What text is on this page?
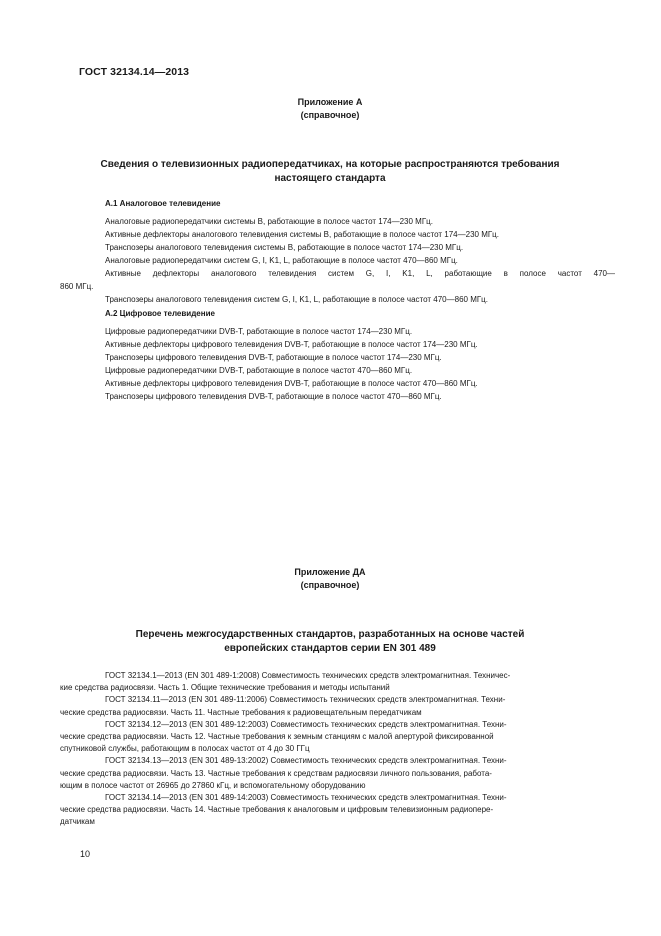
ГОСТ 32134.14—2013
Приложение А
(справочное)
Сведения о телевизионных радиопередатчиках, на которые распространяются требования
настоящего стандарта
А.1 Аналоговое телевидение
Аналоговые радиопередатчики системы B, работающие в полосе частот 174—230 МГц.
Активные дефлекторы аналогового телевидения системы B, работающие в полосе частот 174—230 МГц.
Транспозеры аналогового телевидения системы B, работающие в полосе частот 174—230 МГц.
Аналоговые радиопередатчики систем G, I, K1, L, работающие в полосе частот 470—860 МГц.
Активные дефлекторы аналогового телевидения систем G, I, K1, L, работающие в полосе частот 470—
860 МГц.
Транспозеры аналогового телевидения систем G, I, K1, L, работающие в полосе частот 470—860 МГц.
А.2 Цифровое телевидение
Цифровые радиопередатчики DVB-T, работающие в полосе частот 174—230 МГц.
Активные дефлекторы цифрового телевидения DVB-T, работающие в полосе частот 174—230 МГц.
Транспозеры цифрового телевидения DVB-T, работающие в полосе частот 174—230 МГц.
Цифровые радиопередатчики DVB-T, работающие в полосе частот 470—860 МГц.
Активные дефлекторы цифрового телевидения DVB-T, работающие в полосе частот 470—860 МГц.
Транспозеры цифрового телевидения DVB-T, работающие в полосе частот 470—860 МГц.
Приложение ДА
(справочное)
Перечень межгосударственных стандартов, разработанных на основе частей
европейских стандартов серии EN 301 489
ГОСТ 32134.1—2013 (EN 301 489-1:2008) Совместимость технических средств электромагнитная. Техничес-
кие средства радиосвязи. Часть 1. Общие технические требования и методы испытаний
ГОСТ 32134.11—2013 (EN 301 489-11:2006) Совместимость технических средств электромагнитная. Техни-
ческие средства радиосвязи. Часть 11. Частные требования к радиовещательным передатчикам
ГОСТ 32134.12—2013 (EN 301 489-12:2003) Совместимость технических средств электромагнитная. Техни-
ческие средства радиосвязи. Часть 12. Частные требования к земным станциям с малой апертурой фиксированной
спутниковой службы, работающим в полосах частот от 4 до 30 ГГц
ГОСТ 32134.13—2013 (EN 301 489-13:2002) Совместимость технических средств электромагнитная. Техни-
ческие средства радиосвязи. Часть 13. Частные требования к средствам радиосвязи личного пользования, работа-
ющим в полосе частот от 26965 до 27860 кГц, и вспомогательному оборудованию
ГОСТ 32134.14—2013 (EN 301 489-14:2003) Совместимость технических средств электромагнитная. Техни-
ческие средства радиосвязи. Часть 14. Частные требования к аналоговым и цифровым телевизионным радиопере-
датчикам
10
